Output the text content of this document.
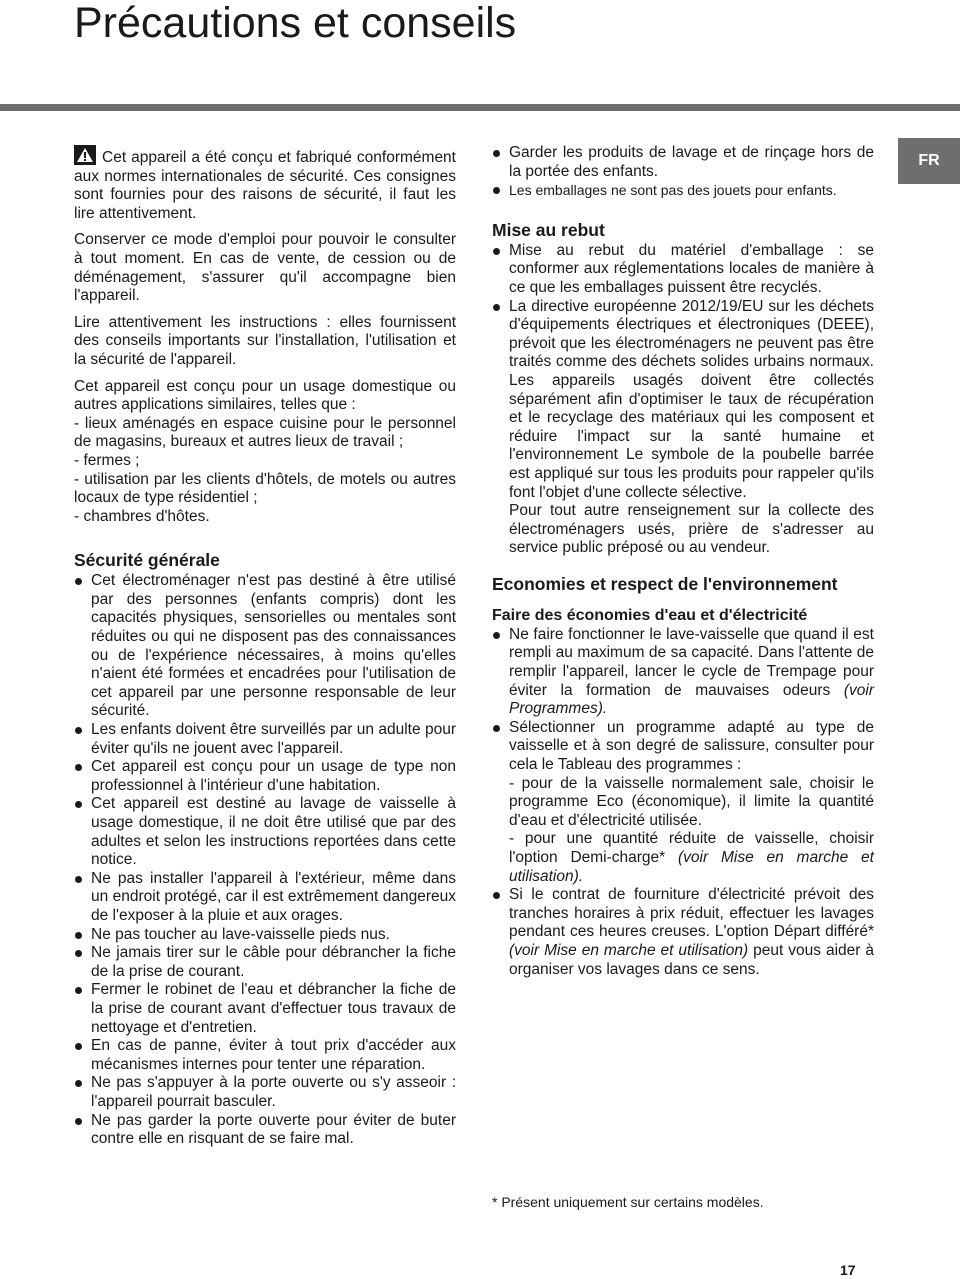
Précautions et conseils
FR

Cet appareil a été conçu et fabriqué conformément aux normes internationales de sécurité. Ces consignes sont fournies pour des raisons de sécurité, il faut les lire attentivement.

Conserver ce mode d'emploi pour pouvoir le consulter à tout moment. En cas de vente, de cession ou de déménagement, s'assurer qu'il accompagne bien l'appareil.

Lire attentivement les instructions : elles fournissent des conseils importants sur l'installation, l'utilisation et la sécurité de l'appareil.

Cet appareil est conçu pour un usage domestique ou autres applications similaires, telles que :

- lieux aménagés en espace cuisine pour le personnel de magasins, bureaux et autres lieux de travail ;

- fermes ;

- utilisation par les clients d'hôtels, de motels ou autres locaux de type résidentiel ;

- chambres d'hôtes.

Sécurité générale
Cet électroménager n'est pas destiné à être utilisé par des personnes (enfants compris) dont les capacités physiques, sensorielles ou mentales sont réduites ou qui ne disposent pas des connaissances ou de l'expérience nécessaires, à moins qu'elles n'aient été formées et encadrées pour l'utilisation de cet appareil par une personne responsable de leur sécurité.
Les enfants doivent être surveillés par un adulte pour éviter qu'ils ne jouent avec l'appareil.
Cet appareil est conçu pour un usage de type non professionnel à l'intérieur d'une habitation.
Cet appareil est destiné au lavage de vaisselle à usage domestique, il ne doit être utilisé que par des adultes et selon les instructions reportées dans cette notice.
Ne pas installer l'appareil à l'extérieur, même dans un endroit protégé, car il est extrêmement dangereux de l'exposer à la pluie et aux orages.
Ne pas toucher au lave-vaisselle pieds nus.
Ne jamais tirer sur le câble pour débrancher la fiche de la prise de courant.
Fermer le robinet de l'eau et débrancher la fiche de la prise de courant avant d'effectuer tous travaux de nettoyage et d'entretien.
En cas de panne, éviter à tout prix d'accéder aux mécanismes internes pour tenter une réparation.
Ne pas s'appuyer à la porte ouverte ou s'y asseoir : l'appareil pourrait basculer.
Ne pas garder la porte ouverte pour éviter de buter contre elle en risquant de se faire mal.
Garder les produits de lavage et de rinçage hors de la portée des enfants.
Les emballages ne sont pas des jouets pour enfants.
Mise au rebut
Mise au rebut du matériel d'emballage : se conformer aux réglementations locales de manière à ce que les emballages puissent être recyclés.
La directive européenne 2012/19/EU sur les déchets d'équipements électriques et électroniques (DEEE), prévoit que les électroménagers ne peuvent pas être traités comme des déchets solides urbains normaux. Les appareils usagés doivent être collectés séparément afin d'optimiser le taux de récupération et le recyclage des matériaux qui les composent et réduire l'impact sur la santé humaine et l'environnement Le symbole de la poubelle barrée est appliqué sur tous les produits pour rappeler qu'ils font l'objet d'une collecte sélective.
Pour tout autre renseignement sur la collecte des électroménagers usés, prière de s'adresser au service public préposé ou au vendeur.
Economies et respect de l'environnement
Faire des économies d'eau et d'électricité
Ne faire fonctionner le lave-vaisselle que quand il est rempli au maximum de sa capacité. Dans l'attente de remplir l'appareil, lancer le cycle de Trempage pour éviter la formation de mauvaises odeurs (voir Programmes).
Sélectionner un programme adapté au type de vaisselle et à son degré de salissure, consulter pour cela le Tableau des programmes :
- pour de la vaisselle normalement sale, choisir le programme Eco (économique), il limite la quantité d'eau et d'électricité utilisée.
- pour une quantité réduite de vaisselle, choisir l'option Demi-charge* (voir Mise en marche et utilisation).
Si le contrat de fourniture d'électricité prévoit des tranches horaires à prix réduit, effectuer les lavages pendant ces heures creuses. L'option Départ différé* (voir Mise en marche et utilisation) peut vous aider à organiser vos lavages dans ce sens.
* Présent uniquement sur certains modèles.
17
